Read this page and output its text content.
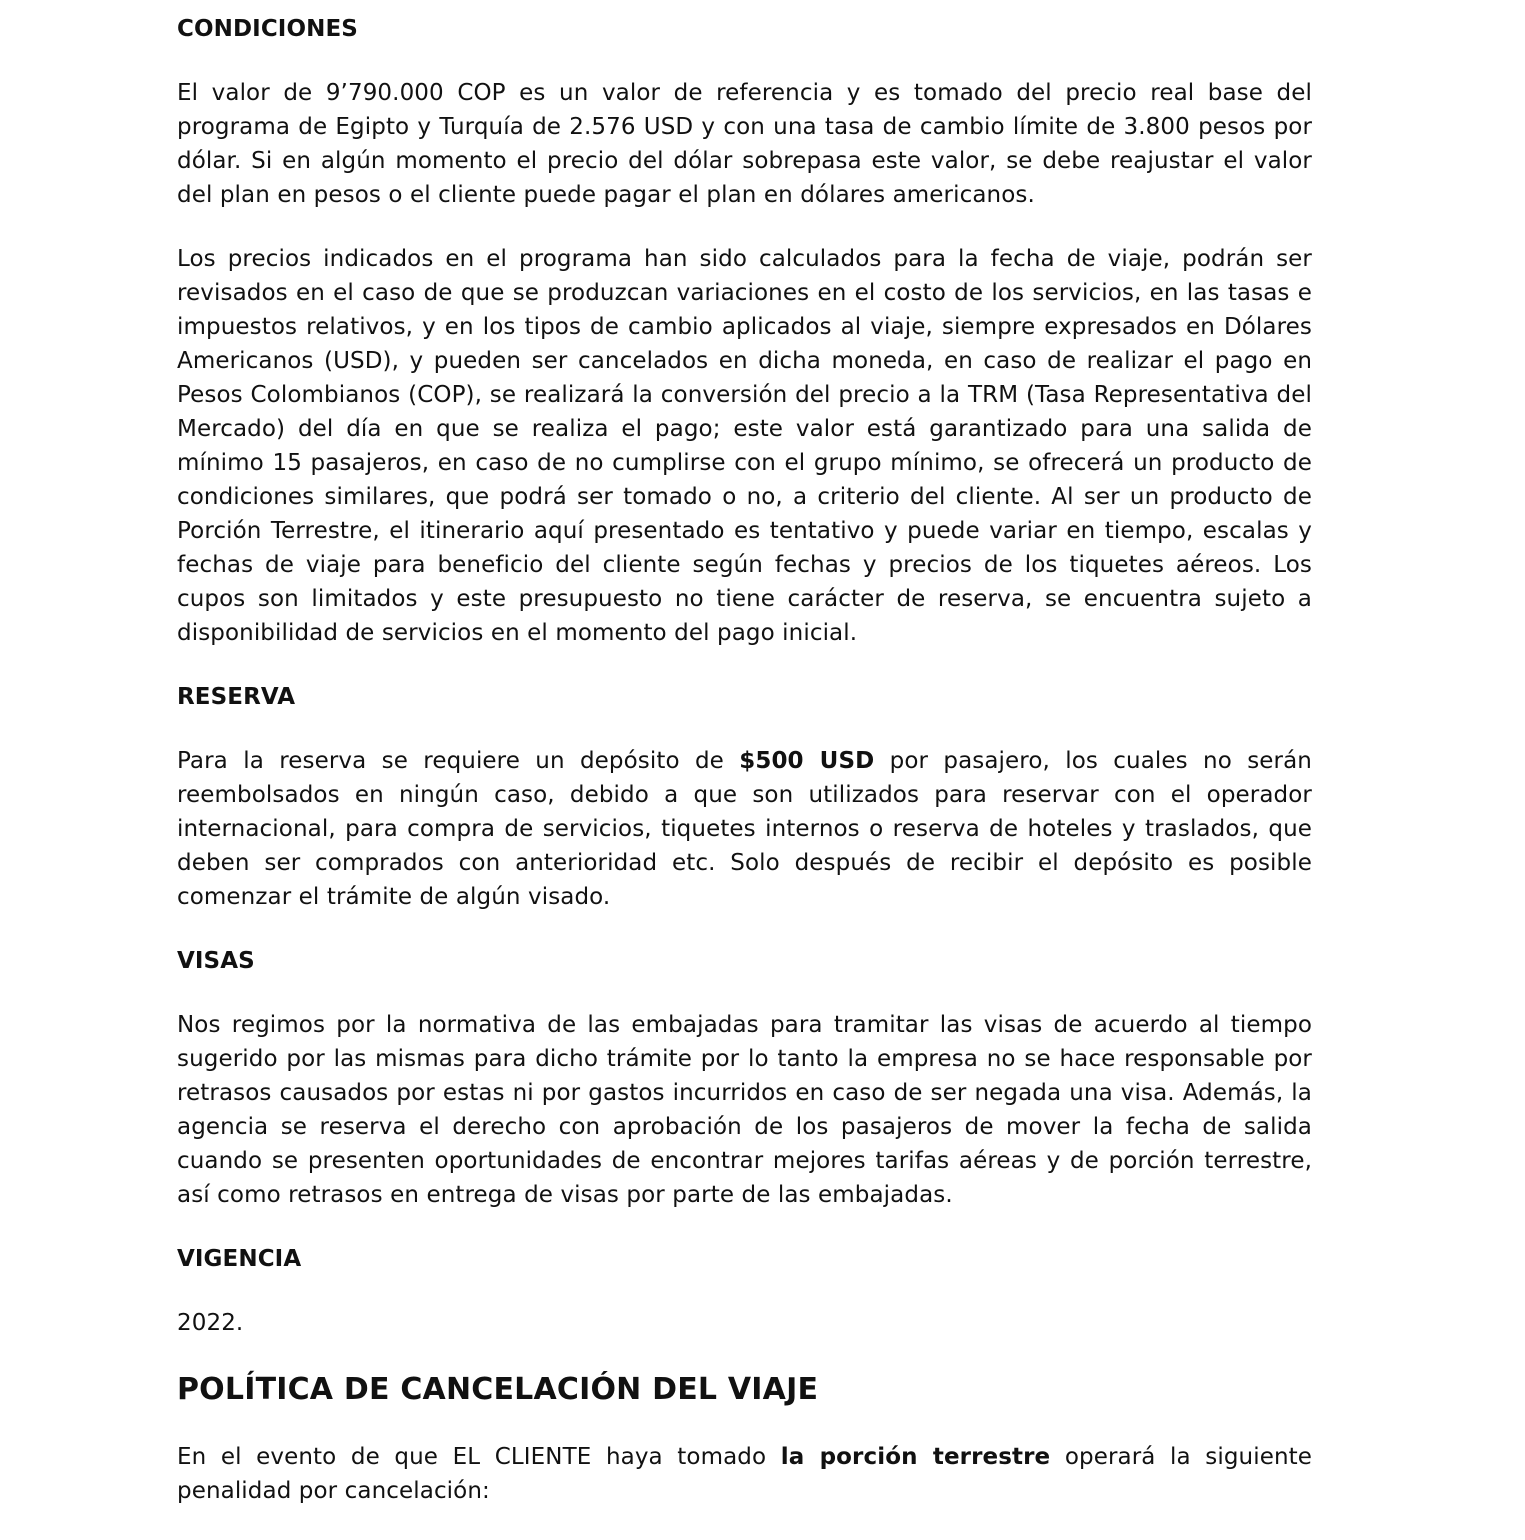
CONDICIONES

El valor de 9’790.000 COP es un valor de referencia y es tomado del precio real base del programa de Egipto y Turquía de 2.576 USD y con una tasa de cambio límite de 3.800 pesos por dólar. Si en algún momento el precio del dólar sobrepasa este valor, se debe reajustar el valor del plan en pesos o el cliente puede pagar el plan en dólares americanos.

Los precios indicados en el programa han sido calculados para la fecha de viaje, podrán ser revisados en el caso de que se produzcan variaciones en el costo de los servicios, en las tasas e impuestos relativos, y en los tipos de cambio aplicados al viaje, siempre expresados en Dólares Americanos (USD), y pueden ser cancelados en dicha moneda, en caso de realizar el pago en Pesos Colombianos (COP), se realizará la conversión del precio a la TRM (Tasa Representativa del Mercado) del día en que se realiza el pago; este valor está garantizado para una salida de mínimo 15 pasajeros, en caso de no cumplirse con el grupo mínimo, se ofrecerá un producto de condiciones similares, que podrá ser tomado o no, a criterio del cliente. Al ser un producto de Porción Terrestre, el itinerario aquí presentado es tentativo y puede variar en tiempo, escalas y fechas de viaje para beneficio del cliente según fechas y precios de los tiquetes aéreos. Los cupos son limitados y este presupuesto no tiene carácter de reserva, se encuentra sujeto a disponibilidad de servicios en el momento del pago inicial.

RESERVA

Para la reserva se requiere un depósito de $500 USD por pasajero, los cuales no serán reembolsados en ningún caso, debido a que son utilizados para reservar con el operador internacional, para compra de servicios, tiquetes internos o reserva de hoteles y traslados, que deben ser comprados con anterioridad etc. Solo después de recibir el depósito es posible comenzar el trámite de algún visado.

VISAS

Nos regimos por la normativa de las embajadas para tramitar las visas de acuerdo al tiempo sugerido por las mismas para dicho trámite por lo tanto la empresa no se hace responsable por retrasos causados por estas ni por gastos incurridos en caso de ser negada una visa. Además, la agencia se reserva el derecho con aprobación de los pasajeros de mover la fecha de salida cuando se presenten oportunidades de encontrar mejores tarifas aéreas y de porción terrestre, así como retrasos en entrega de visas por parte de las embajadas.

VIGENCIA

2022.

POLÍTICA DE CANCELACIÓN DEL VIAJE

En el evento de que EL CLIENTE haya tomado la porción terrestre operará la siguiente penalidad por cancelación:
